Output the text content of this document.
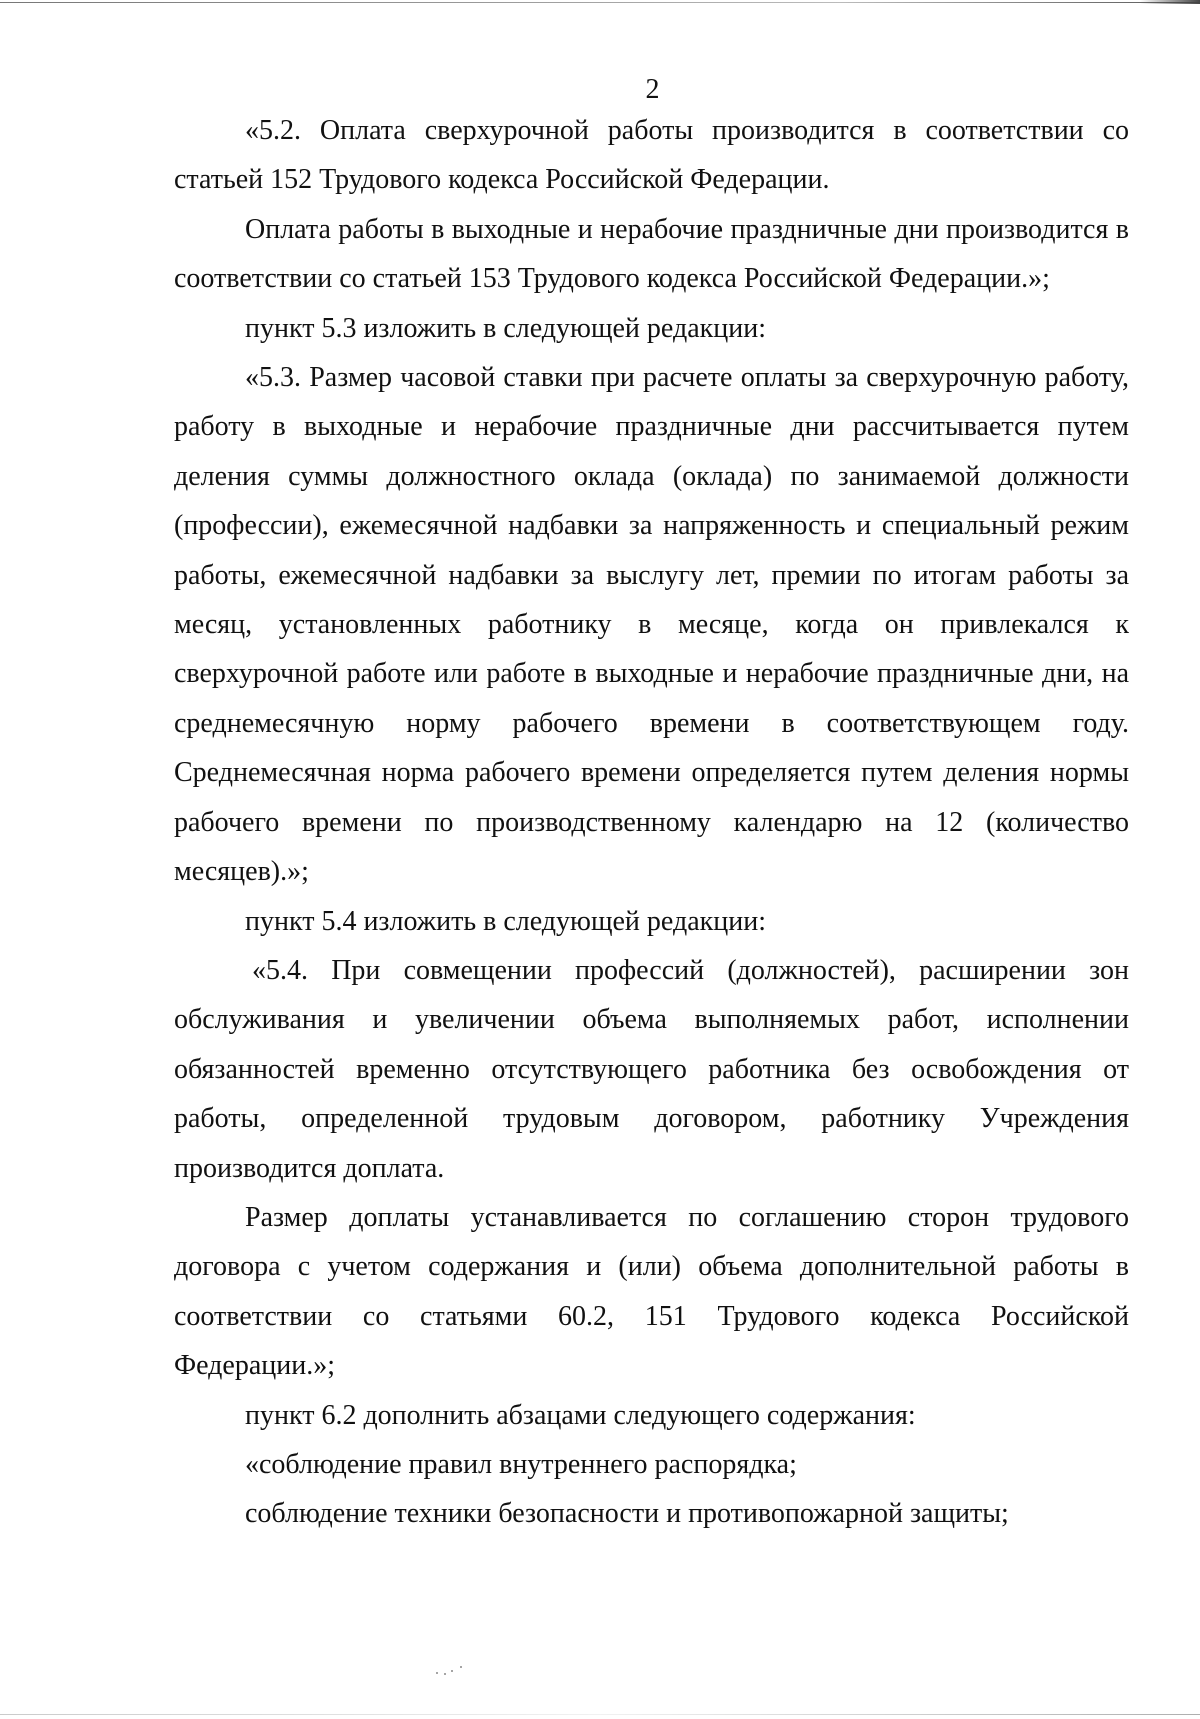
2

«5.2. Оплата сверхурочной работы производится в соответствии со статьей 152 Трудового кодекса Российской Федерации.

Оплата работы в выходные и нерабочие праздничные дни производится в соответствии со статьей 153 Трудового кодекса Российской Федерации.»;

пункт 5.3 изложить в следующей редакции:

«5.3. Размер часовой ставки при расчете оплаты за сверхурочную работу, работу в выходные и нерабочие праздничные дни рассчитывается путем деления суммы должностного оклада (оклада) по занимаемой должности (профессии), ежемесячной надбавки за напряженность и специальный режим работы, ежемесячной надбавки за выслугу лет, премии по итогам работы за месяц, установленных работнику в месяце, когда он привлекался к сверхурочной работе или работе в выходные и нерабочие праздничные дни, на среднемесячную норму рабочего времени в соответствующем году. Среднемесячная норма рабочего времени определяется путем деления нормы рабочего времени по производственному календарю на 12 (количество месяцев).»;

пункт 5.4 изложить в следующей редакции:

«5.4. При совмещении профессий (должностей), расширении зон обслуживания и увеличении объема выполняемых работ, исполнении обязанностей временно отсутствующего работника без освобождения от работы, определенной трудовым договором, работнику Учреждения производится доплата.

Размер доплаты устанавливается по соглашению сторон трудового договора с учетом содержания и (или) объема дополнительной работы в соответствии со статьями 60.2, 151 Трудового кодекса Российской Федерации.»;

пункт 6.2 дополнить абзацами следующего содержания:

«соблюдение правил внутреннего распорядка;

соблюдение техники безопасности и противопожарной защиты;
